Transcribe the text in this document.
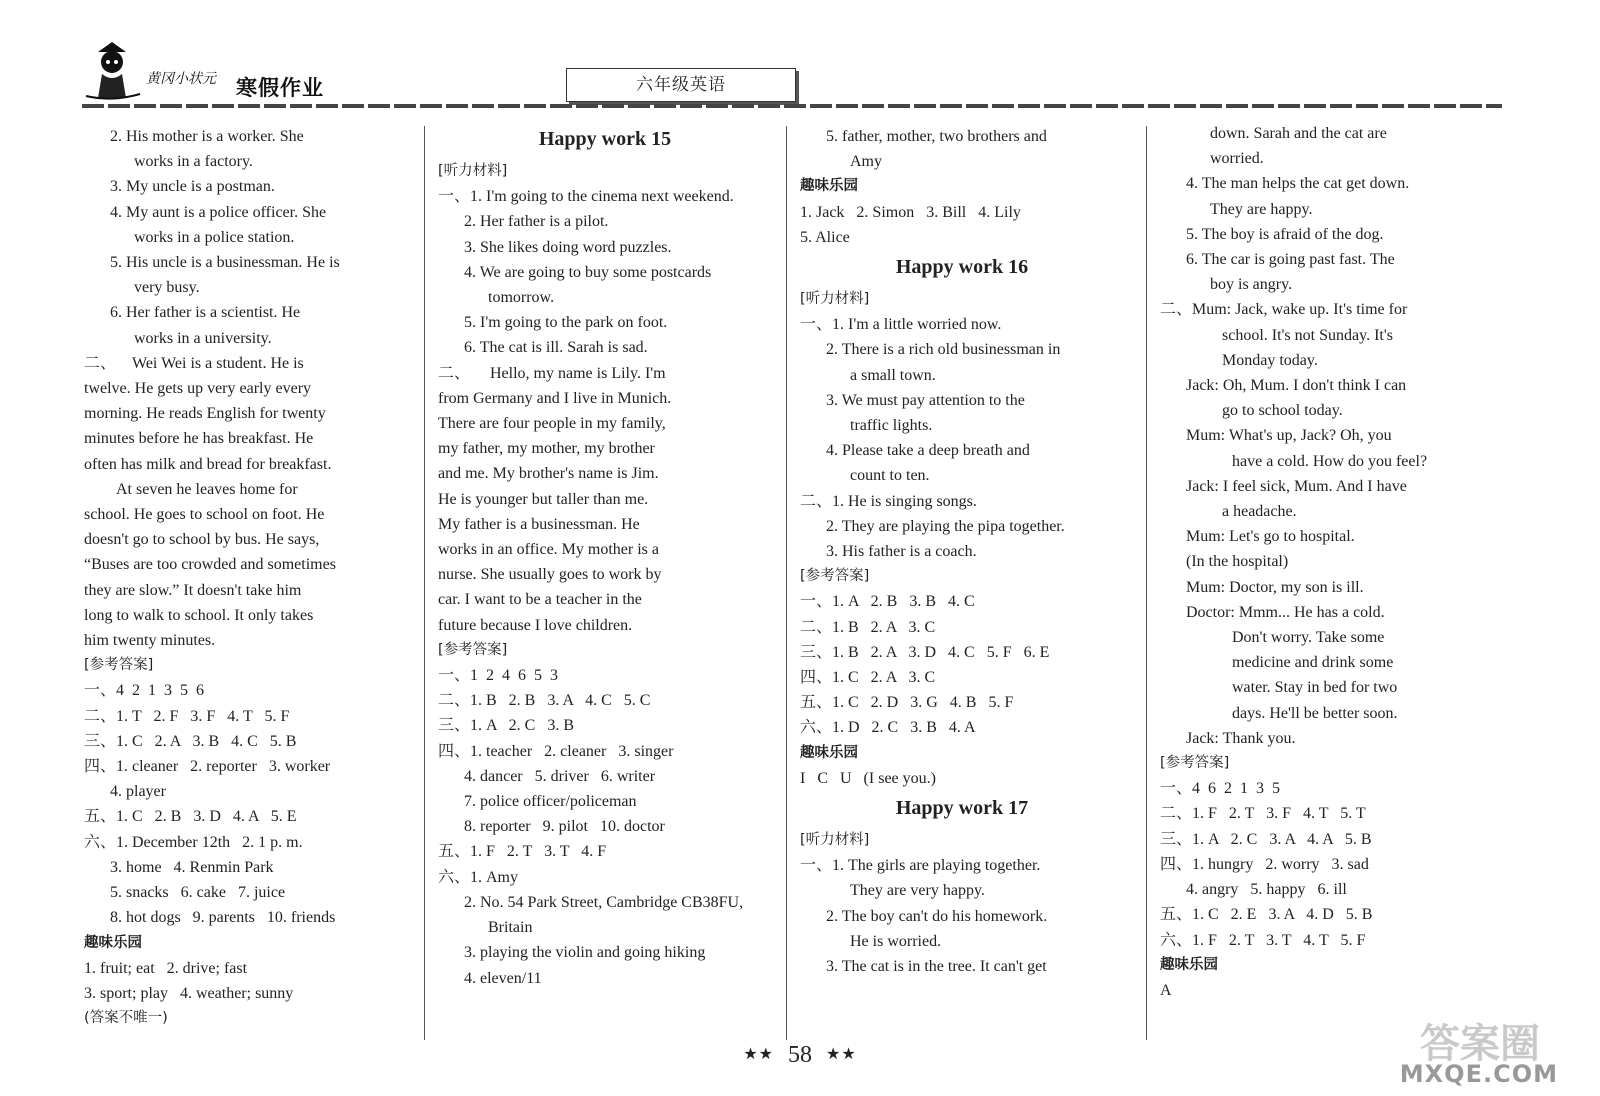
黄冈小状元 寒假作业	六年级英语

2. His mother is a worker. She

works in a factory.

3. My uncle is a postman.

4. My aunt is a police officer. She

works in a police station.

5. His uncle is a businessman. He is

very busy.

6. Her father is a scientist. He

works in a university.

二、    Wei Wei is a student. He is

twelve. He gets up very early every

morning. He reads English for twenty

minutes before he has breakfast. He

often has milk and bread for breakfast.

At seven he leaves home for

school. He goes to school on foot. He

doesn't go to school by bus. He says,

“Buses are too crowded and sometimes

they are slow.” It doesn't take him

long to walk to school. It only takes

him twenty minutes.

[参考答案]

一、4  2  1  3  5  6

二、1. T   2. F   3. F   4. T   5. F

三、1. C   2. A   3. B   4. C   5. B

四、1. cleaner   2. reporter   3. worker

4. player

五、1. C   2. B   3. D   4. A   5. E

六、1. December 12th   2. 1 p. m.

3. home   4. Renmin Park

5. snacks   6. cake   7. juice

8. hot dogs   9. parents   10. friends

趣味乐园

1. fruit; eat   2. drive; fast

3. sport; play   4. weather; sunny

(答案不唯一)

Happy work 15

[听力材料]

一、1. I'm going to the cinema next weekend.

2. Her father is a pilot.

3. She likes doing word puzzles.

4. We are going to buy some postcards

tomorrow.

5. I'm going to the park on foot.

6. The cat is ill. Sarah is sad.

二、     Hello, my name is Lily. I'm

from Germany and I live in Munich.

There are four people in my family,

my father, my mother, my brother

and me. My brother's name is Jim.

He is younger but taller than me.

My father is a businessman. He

works in an office. My mother is a

nurse. She usually goes to work by

car. I want to be a teacher in the

future because I love children.

[参考答案]

一、1  2  4  6  5  3

二、1. B   2. B   3. A   4. C   5. C

三、1. A   2. C   3. B

四、1. teacher   2. cleaner   3. singer

4. dancer   5. driver   6. writer

7. police officer/policeman

8. reporter   9. pilot   10. doctor

五、1. F   2. T   3. T   4. F

六、1. Amy

2. No. 54 Park Street, Cambridge CB38FU,

Britain

3. playing the violin and going hiking

4. eleven/11

5. father, mother, two brothers and

Amy

趣味乐园

1. Jack   2. Simon   3. Bill   4. Lily

5. Alice

Happy work 16

[听力材料]

一、1. I'm a little worried now.

2. There is a rich old businessman in

a small town.

3. We must pay attention to the

traffic lights.

4. Please take a deep breath and

count to ten.

二、1. He is singing songs.

2. They are playing the pipa together.

3. His father is a coach.

[参考答案]

一、1. A   2. B   3. B   4. C

二、1. B   2. A   3. C

三、1. B   2. A   3. D   4. C   5. F   6. E

四、1. C   2. A   3. C

五、1. C   2. D   3. G   4. B   5. F

六、1. D   2. C   3. B   4. A

趣味乐园

I   C   U   (I see you.)

Happy work 17

[听力材料]

一、1. The girls are playing together.

They are very happy.

2. The boy can't do his homework.

He is worried.

3. The cat is in the tree. It can't get

down. Sarah and the cat are

worried.

4. The man helps the cat get down.

They are happy.

5. The boy is afraid of the dog.

6. The car is going past fast. The

boy is angry.

二、Mum: Jack, wake up. It's time for

school. It's not Sunday. It's

Monday today.

Jack: Oh, Mum. I don't think I can

go to school today.

Mum: What's up, Jack? Oh, you

have a cold. How do you feel?

Jack: I feel sick, Mum. And I have

a headache.

Mum: Let's go to hospital.

(In the hospital)

Mum: Doctor, my son is ill.

Doctor: Mmm... He has a cold.

Don't worry. Take some

medicine and drink some

water. Stay in bed for two

days. He'll be better soon.

Jack: Thank you.

[参考答案]

一、4  6  2  1  3  5

二、1. F   2. T   3. F   4. T   5. T

三、1. A   2. C   3. A   4. A   5. B

四、1. hungry   2. worry   3. sad

4. angry   5. happy   6. ill

五、1. C   2. E   3. A   4. D   5. B

六、1. F   2. T   3. T   4. T   5. F

趣味乐园

A

★★ 58 ★★	答案圈
MXQE.COM
